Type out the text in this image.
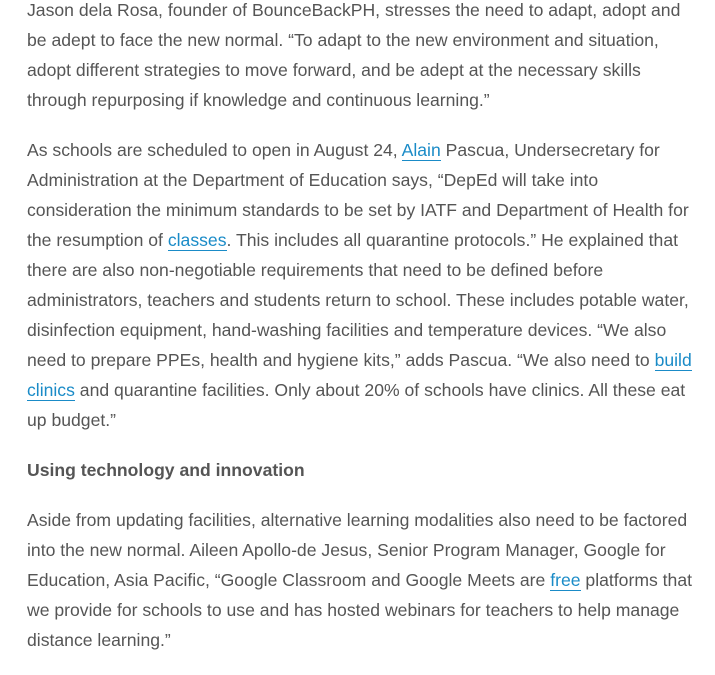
Jason dela Rosa, founder of BounceBackPH, stresses the need to adapt, adopt and be adept to face the new normal. “To adapt to the new environment and situation, adopt different strategies to move forward, and be adept at the necessary skills through repurposing if knowledge and continuous learning.”

As schools are scheduled to open in August 24, Alain Pascua, Undersecretary for Administration at the Department of Education says, “DepEd will take into consideration the minimum standards to be set by IATF and Department of Health for the resumption of classes. This includes all quarantine protocols.” He explained that there are also non-negotiable requirements that need to be defined before administrators, teachers and students return to school. These includes potable water, disinfection equipment, hand-washing facilities and temperature devices. “We also need to prepare PPEs, health and hygiene kits,” adds Pascua. “We also need to build clinics and quarantine facilities. Only about 20% of schools have clinics. All these eat up budget.”

Using technology and innovation

Aside from updating facilities, alternative learning modalities also need to be factored into the new normal. Aileen Apollo-de Jesus, Senior Program Manager, Google for Education, Asia Pacific, “Google Classroom and Google Meets are free platforms that we provide for schools to use and has hosted webinars for teachers to help manage distance learning.”
